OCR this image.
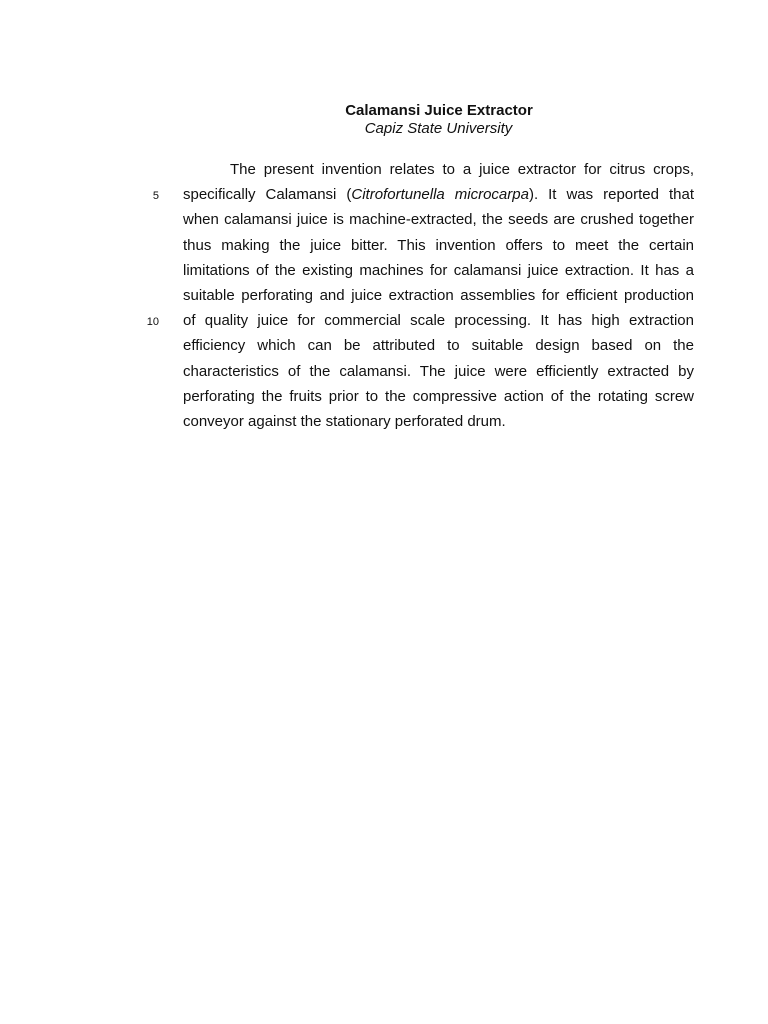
Calamansi Juice Extractor
Capiz State University
5
10
The present invention relates to a juice extractor for citrus crops,
specifically Calamansi (Citrofortunella microcarpa). It was reported that
when calamansi juice is machine-extracted, the seeds are crushed together
thus making the juice bitter. This invention offers to meet the certain
limitations of the existing machines for calamansi juice extraction. It has a
suitable perforating and juice extraction assemblies for efficient production
of quality juice for commercial scale processing. It has high extraction
efficiency which can be attributed to suitable design based on the
characteristics of the calamansi. The juice were efficiently extracted by
perforating the fruits prior to the compressive action of the rotating screw
conveyor against the stationary perforated drum.
